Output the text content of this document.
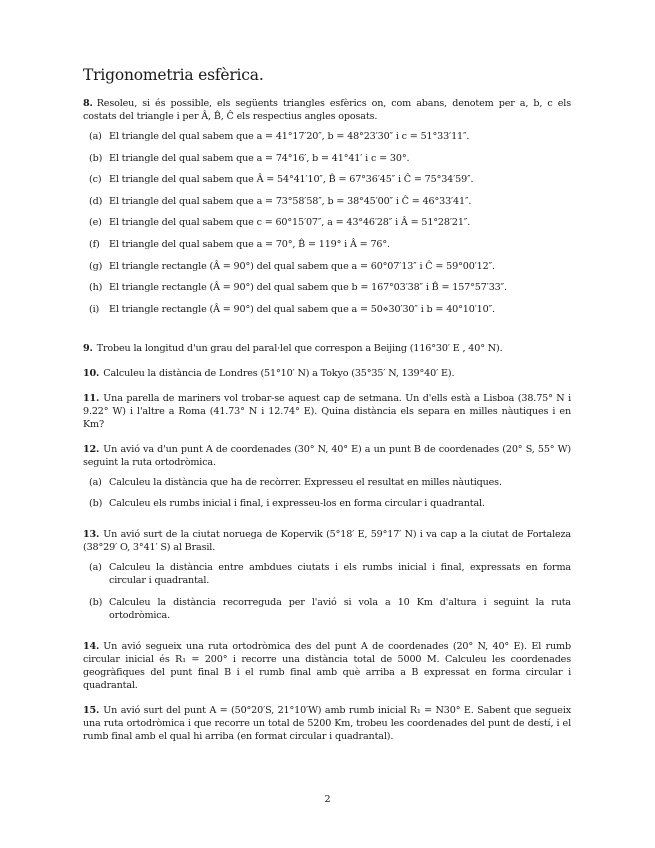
Trigonometria esfèrica.

8. Resoleu, si és possible, els següents triangles esfèrics on, com abans, denotem per a, b, c els costats del triangle i per Â, B̂, Ĉ els respectius angles oposats.

(a) El triangle del qual sabem que a = 41°17′20″, b = 48°23′30″ i c = 51°33′11″.
(b) El triangle del qual sabem que a = 74°16′, b = 41°41′ i c = 30°.
(c) El triangle del qual sabem que Â = 54°41′10″, B̂ = 67°36′45″ i Ĉ = 75°34′59″.
(d) El triangle del qual sabem que a = 73°58′58″, b = 38°45′00″ i Ĉ = 46°33′41″.
(e) El triangle del qual sabem que c = 60°15′07″, a = 43°46′28″ i Â = 51°28′21″.
(f) El triangle del qual sabem que a = 70°, B̂ = 119° i Â = 76°.
(g) El triangle rectangle (Â = 90°) del qual sabem que a = 60°07′13″ i Ĉ = 59°00′12″.
(h) El triangle rectangle (Â = 90°) del qual sabem que b = 167°03′38″ i B̂ = 157°57′33″.
(i)	El triangle rectangle (Â = 90°) del qual sabem que a = 50⋄30′30″ i b = 40°10′10″.

9. Trobeu la longitud d'un grau del paral·lel que correspon a Beijing (116°30′ E , 40° N).

10. Calculeu la distància de Londres (51°10′ N) a Tokyo (35°35′ N, 139°40′ E).

11. Una parella de mariners vol trobar-se aquest cap de setmana. Un d'ells està a Lisboa (38.75° N i 9.22° W) i l'altre a Roma (41.73° N i 12.74° E). Quina distància els separa en milles nàutiques i en Km?

12. Un avió va d'un punt A de coordenades (30° N, 40° E) a un punt B de coordenades (20° S, 55° W) seguint la ruta ortodròmica.

(a) Calculeu la distància que ha de recòrrer. Expresseu el resultat en milles nàutiques.
(b) Calculeu els rumbs inicial i final, i expresseu-los en forma circular i quadrantal.

13. Un avió surt de la ciutat noruega de Kopervik (5°18′ E, 59°17′ N) i va cap a la ciutat de Fortaleza (38°29′ O, 3°41′ S) al Brasil.

(a) Calculeu la distància entre ambdues ciutats i els rumbs inicial i final, expressats en forma circular i quadrantal.
(b) Calculeu la distància recorreguda per l'avió si vola a 10 Km d'altura i seguint la ruta ortodròmica.

14. Un avió segueix una ruta ortodròmica des del punt A de coordenades (20° N, 40° E). El rumb circular inicial és R₁ = 200° i recorre una distància total de 5000 M. Calculeu les coordenades geogràfiques del punt final B i el rumb final amb què arriba a B expressat en forma circular i quadrantal.

15. Un avió surt del punt A = (50°20′S, 21°10′W) amb rumb inicial R₁ = N30° E. Sabent que segueix una ruta ortodròmica i que recorre un total de 5200 Km, trobeu les coordenades del punt de destí, i el rumb final amb el qual hi arriba (en format circular i quadrantal).

2
